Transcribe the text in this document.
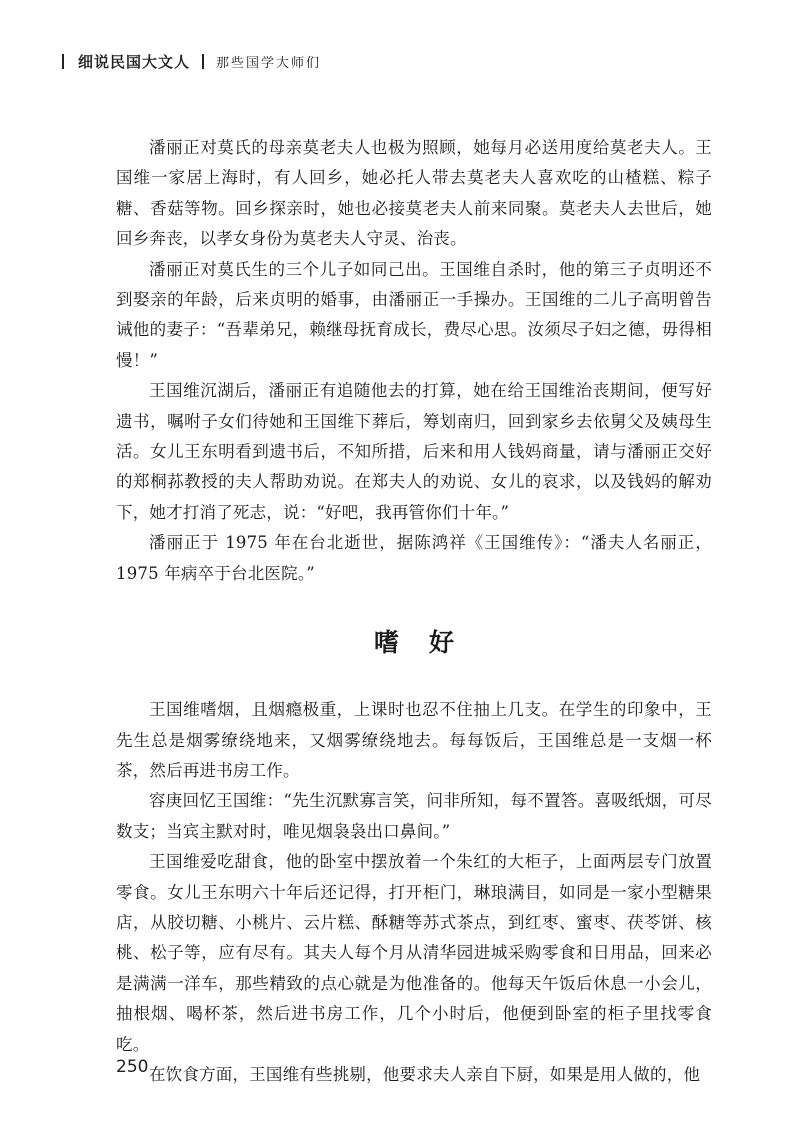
细说民国大文人 那些国学大师们

潘丽正对莫氏的母亲莫老夫人也极为照顾，她每月必送用度给莫老夫人。王国维一家居上海时，有人回乡，她必托人带去莫老夫人喜欢吃的山楂糕、粽子糖、香菇等物。回乡探亲时，她也必接莫老夫人前来同聚。莫老夫人去世后，她回乡奔丧，以孝女身份为莫老夫人守灵、治丧。

潘丽正对莫氏生的三个儿子如同己出。王国维自杀时，他的第三子贞明还不到娶亲的年龄，后来贞明的婚事，由潘丽正一手操办。王国维的二儿子高明曾告诫他的妻子：“吾辈弟兄，赖继母抚育成长，费尽心思。汝须尽子妇之德，毋得相慢！”

王国维沉湖后，潘丽正有追随他去的打算，她在给王国维治丧期间，便写好遗书，嘱咐子女们待她和王国维下葬后，筹划南归，回到家乡去依舅父及姨母生活。女儿王东明看到遗书后，不知所措，后来和用人钱妈商量，请与潘丽正交好的郑桐荪教授的夫人帮助劝说。在郑夫人的劝说、女儿的哀求，以及钱妈的解劝下，她才打消了死志，说：“好吧，我再管你们十年。”

潘丽正于 1975 年在台北逝世，据陈鸿祥《王国维传》：“潘夫人名丽正，1975 年病卒于台北医院。”

嗜好

王国维嗜烟，且烟瘾极重，上课时也忍不住抽上几支。在学生的印象中，王先生总是烟雾缭绕地来，又烟雾缭绕地去。每每饭后，王国维总是一支烟一杯茶，然后再进书房工作。

容庚回忆王国维：“先生沉默寡言笑，问非所知，每不置答。喜吸纸烟，可尽数支；当宾主默对时，唯见烟袅袅出口鼻间。”

王国维爱吃甜食，他的卧室中摆放着一个朱红的大柜子，上面两层专门放置零食。女儿王东明六十年后还记得，打开柜门，琳琅满目，如同是一家小型糖果店，从胶切糖、小桃片、云片糕、酥糖等苏式茶点，到红枣、蜜枣、茯苓饼、核桃、松子等，应有尽有。其夫人每个月从清华园进城采购零食和日用品，回来必是满满一洋车，那些精致的点心就是为他准备的。他每天午饭后休息一小会儿，抽根烟、喝杯茶，然后进书房工作，几个小时后，他便到卧室的柜子里找零食吃。

在饮食方面，王国维有些挑剔，他要求夫人亲自下厨，如果是用人做的，他

250
